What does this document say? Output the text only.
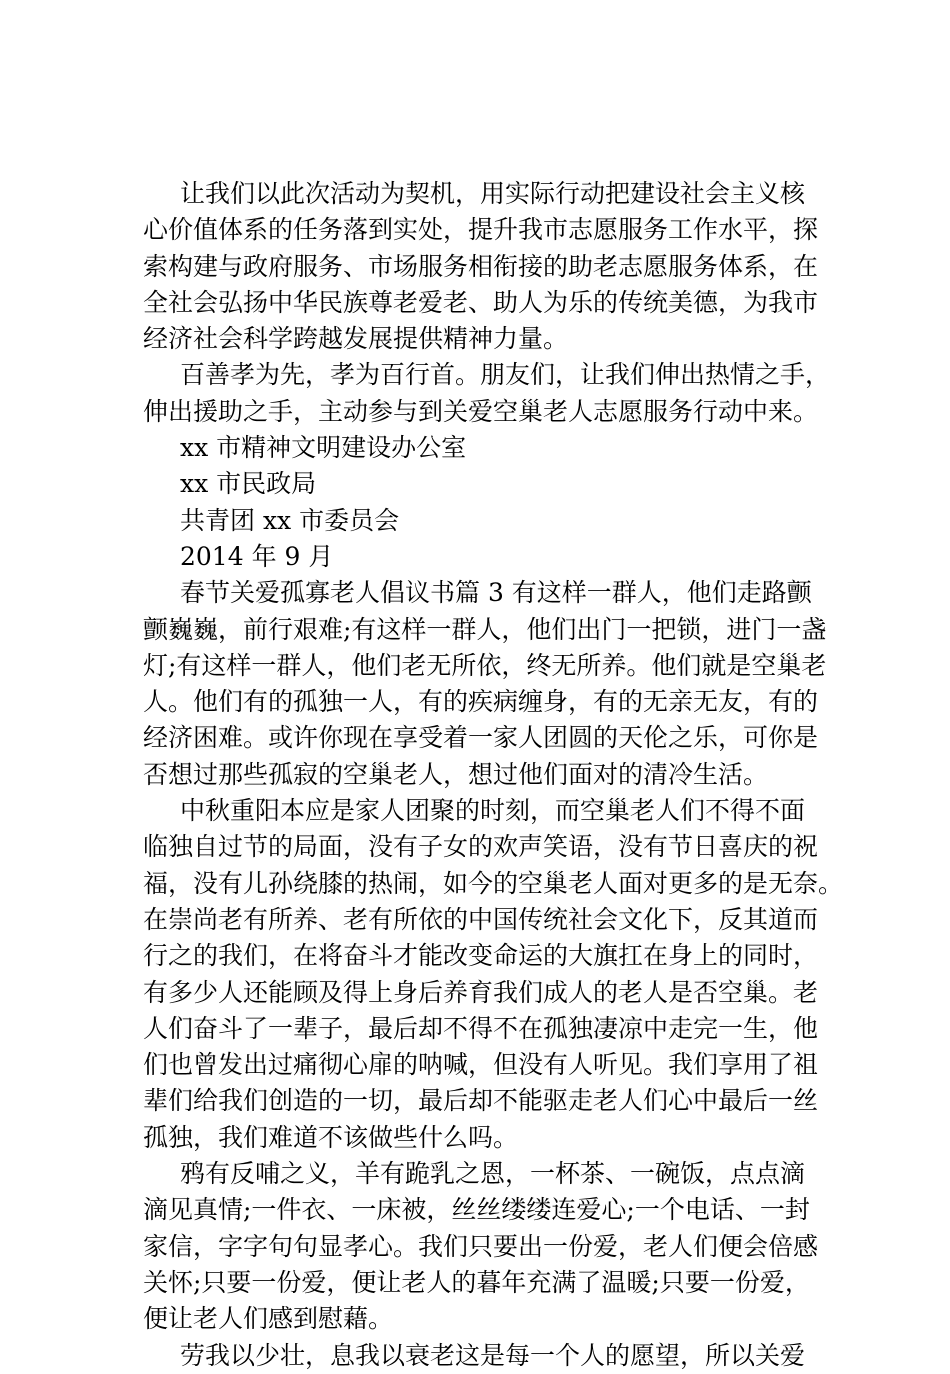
让我们以此次活动为契机，用实际行动把建设社会主义核
心价值体系的任务落到实处，提升我市志愿服务工作水平，探
索构建与政府服务、市场服务相衔接的助老志愿服务体系，在
全社会弘扬中华民族尊老爱老、助人为乐的传统美德，为我市
经济社会科学跨越发展提供精神力量。
百善孝为先，孝为百行首。朋友们，让我们伸出热情之手，
伸出援助之手，主动参与到关爱空巢老人志愿服务行动中来。
xx 市精神文明建设办公室
xx 市民政局
共青团 xx 市委员会
2014 年 9 月
春节关爱孤寡老人倡议书篇 3 有这样一群人，他们走路颤
颤巍巍，前行艰难;有这样一群人，他们出门一把锁，进门一盏
灯;有这样一群人，他们老无所依，终无所养。他们就是空巢老
人。他们有的孤独一人，有的疾病缠身，有的无亲无友，有的
经济困难。或许你现在享受着一家人团圆的天伦之乐，可你是
否想过那些孤寂的空巢老人，想过他们面对的清冷生活。
中秋重阳本应是家人团聚的时刻，而空巢老人们不得不面
临独自过节的局面，没有子女的欢声笑语，没有节日喜庆的祝
福，没有儿孙绕膝的热闹，如今的空巢老人面对更多的是无奈。
在崇尚老有所养、老有所依的中国传统社会文化下，反其道而
行之的我们，在将奋斗才能改变命运的大旗扛在身上的同时，
有多少人还能顾及得上身后养育我们成人的老人是否空巢。老
人们奋斗了一辈子，最后却不得不在孤独凄凉中走完一生，他
们也曾发出过痛彻心扉的呐喊，但没有人听见。我们享用了祖
辈们给我们创造的一切，最后却不能驱走老人们心中最后一丝
孤独，我们难道不该做些什么吗。
鸦有反哺之义，羊有跪乳之恩，一杯茶、一碗饭，点点滴
滴见真情;一件衣、一床被，丝丝缕缕连爱心;一个电话、一封
家信，字字句句显孝心。我们只要出一份爱，老人们便会倍感
关怀;只要一份爱，便让老人的暮年充满了温暖;只要一份爱，
便让老人们感到慰藉。
劳我以少壮，息我以衰老这是每一个人的愿望，所以关爱
